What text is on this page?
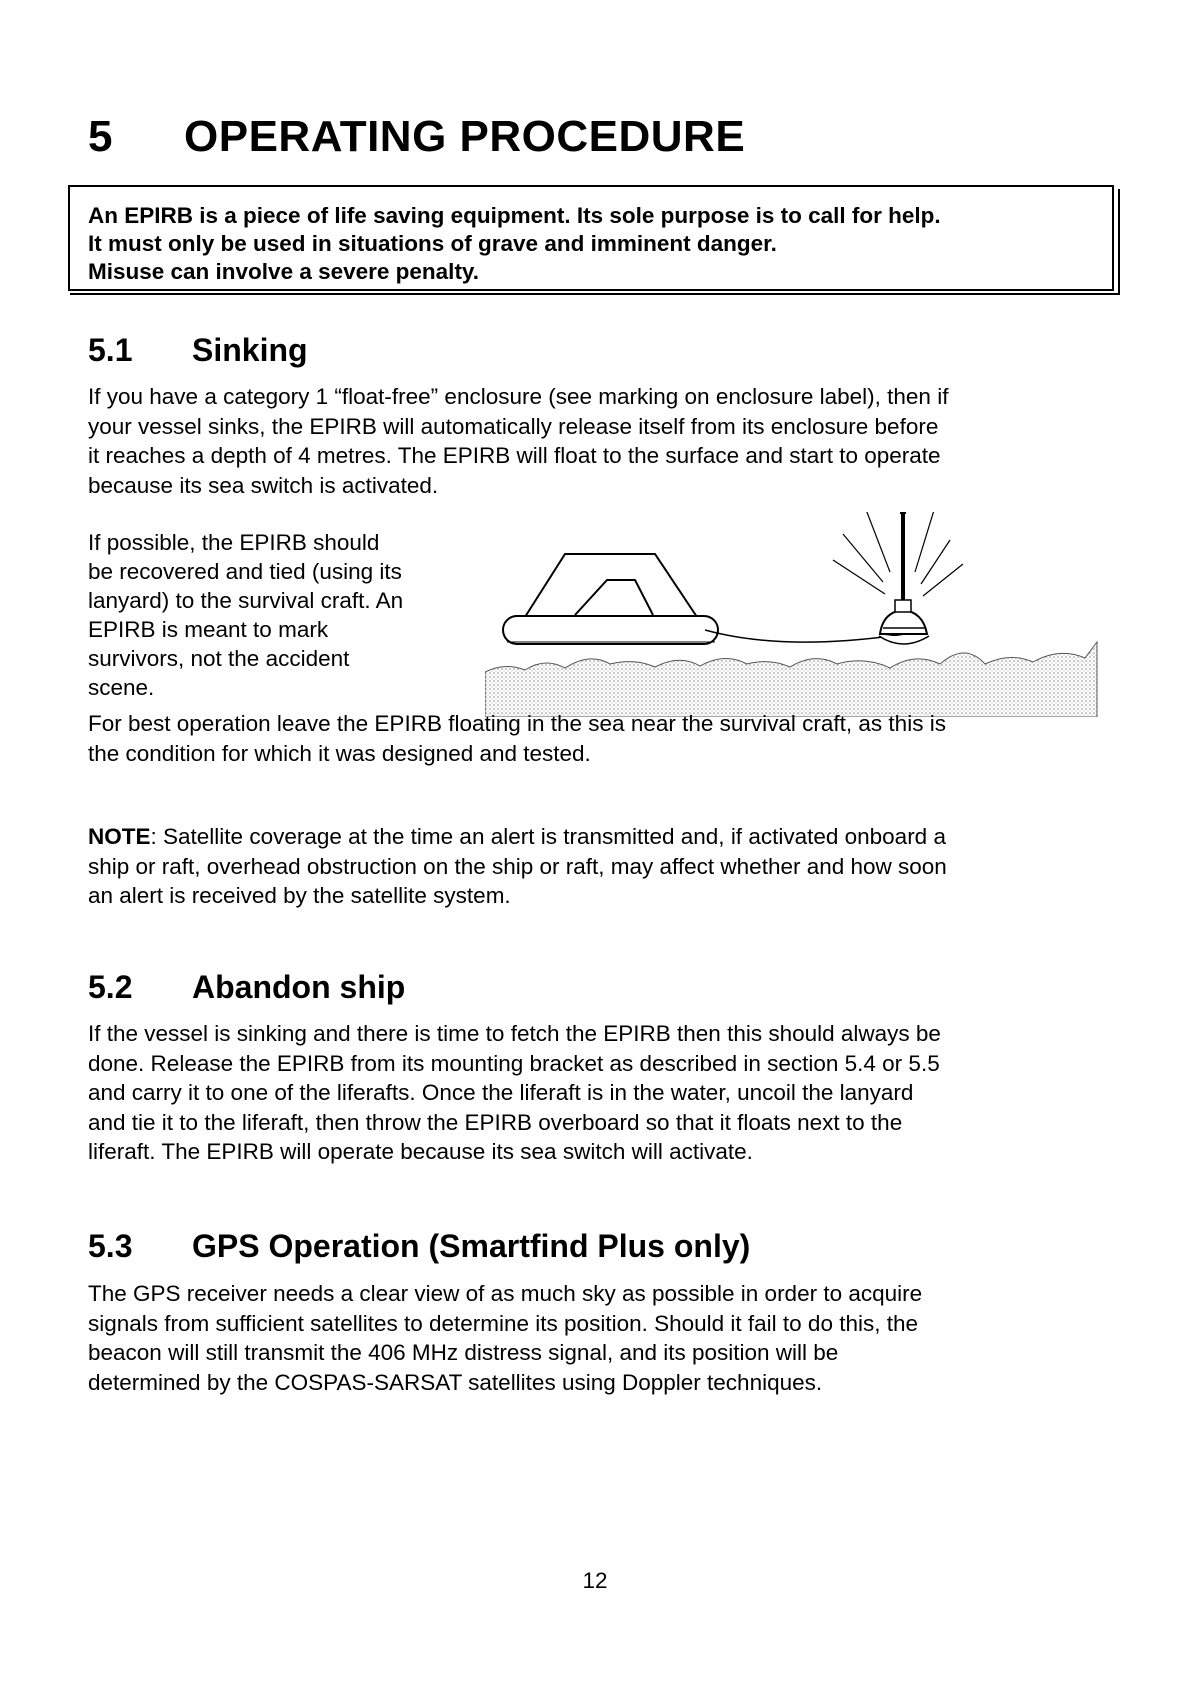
5 OPERATING PROCEDURE
An EPIRB is a piece of life saving equipment. Its sole purpose is to call for help.
It must only be used in situations of grave and imminent danger.
Misuse can involve a severe penalty.
5.1 Sinking
If you have a category 1 “float-free” enclosure (see marking on enclosure label), then if
your vessel sinks, the EPIRB will automatically release itself from its enclosure before
it reaches a depth of 4 metres. The EPIRB will float to the surface and start to operate
because its sea switch is activated.
If possible, the EPIRB should
be recovered and tied (using its
lanyard) to the survival craft. An
EPIRB is meant to mark
survivors, not the accident
scene.
For best operation leave the EPIRB floating in the sea near the survival craft, as this is
the condition for which it was designed and tested.
NOTE: Satellite coverage at the time an alert is transmitted and, if activated onboard a
ship or raft, overhead obstruction on the ship or raft, may affect whether and how soon
an alert is received by the satellite system.
5.2 Abandon ship
If the vessel is sinking and there is time to fetch the EPIRB then this should always be
done. Release the EPIRB from its mounting bracket as described in section 5.4 or 5.5
and carry it to one of the liferafts. Once the liferaft is in the water, uncoil the lanyard
and tie it to the liferaft, then throw the EPIRB overboard so that it floats next to the
liferaft. The EPIRB will operate because its sea switch will activate.
5.3 GPS Operation (Smartfind Plus only)
The GPS receiver needs a clear view of as much sky as possible in order to acquire
signals from sufficient satellites to determine its position. Should it fail to do this, the
beacon will still transmit the 406 MHz distress signal, and its position will be
determined by the COSPAS-SARSAT satellites using Doppler techniques.
12
